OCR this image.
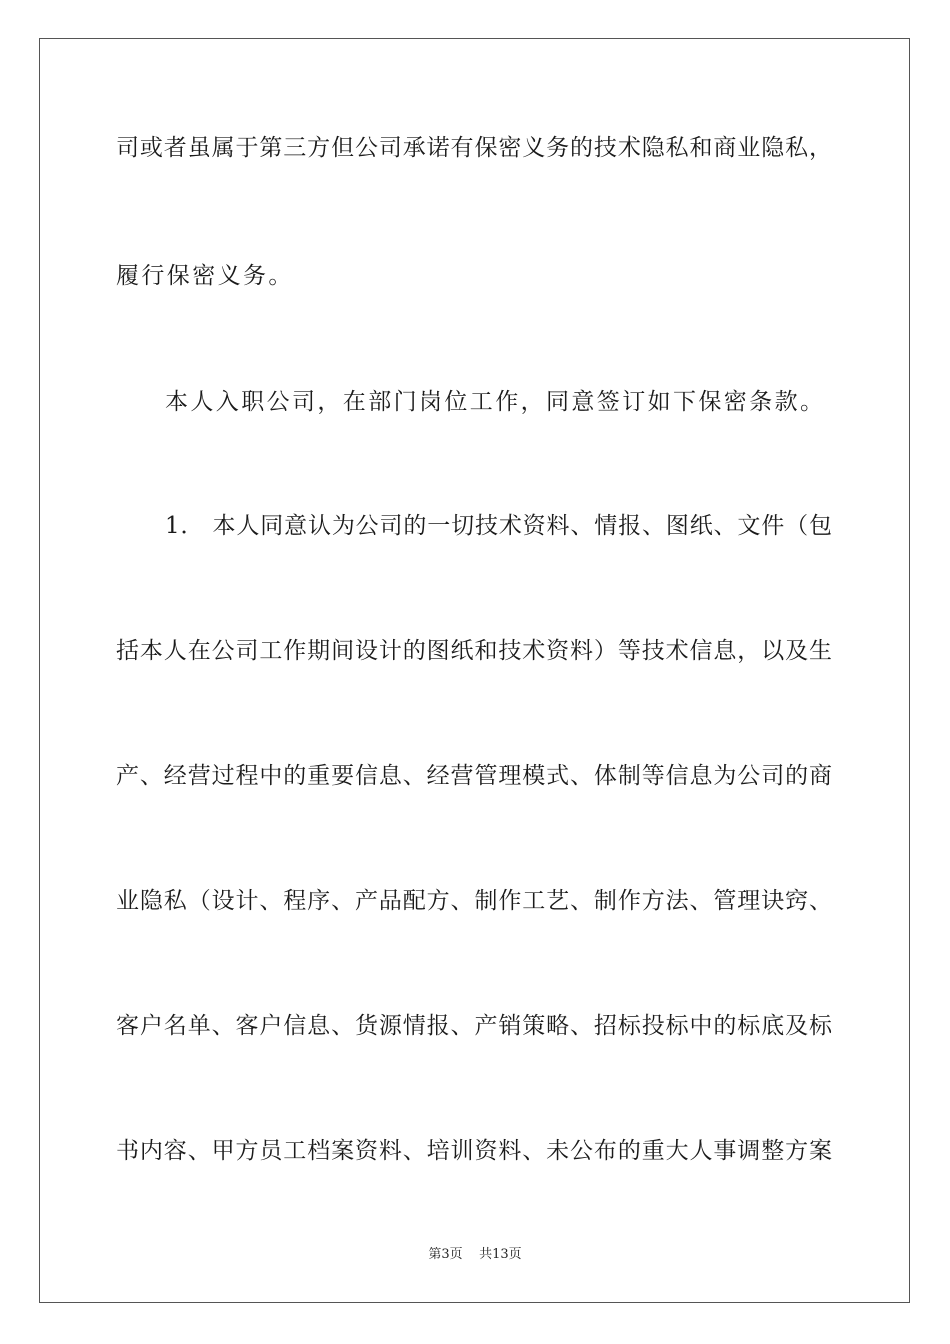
司或者虽属于第三方但公司承诺有保密义务的技术隐私和商业隐私，
履行保密义务。
本人入职公司，在部门岗位工作，同意签订如下保密条款。
1． 本人同意认为公司的一切技术资料、情报、图纸、文件（包
括本人在公司工作期间设计的图纸和技术资料）等技术信息，以及生
产、经营过程中的重要信息、经营管理模式、体制等信息为公司的商
业隐私（设计、程序、产品配方、制作工艺、制作方法、管理诀窍、
客户名单、客户信息、货源情报、产销策略、招标投标中的标底及标
书内容、甲方员工档案资料、培训资料、未公布的重大人事调整方案
第3页 共13页
